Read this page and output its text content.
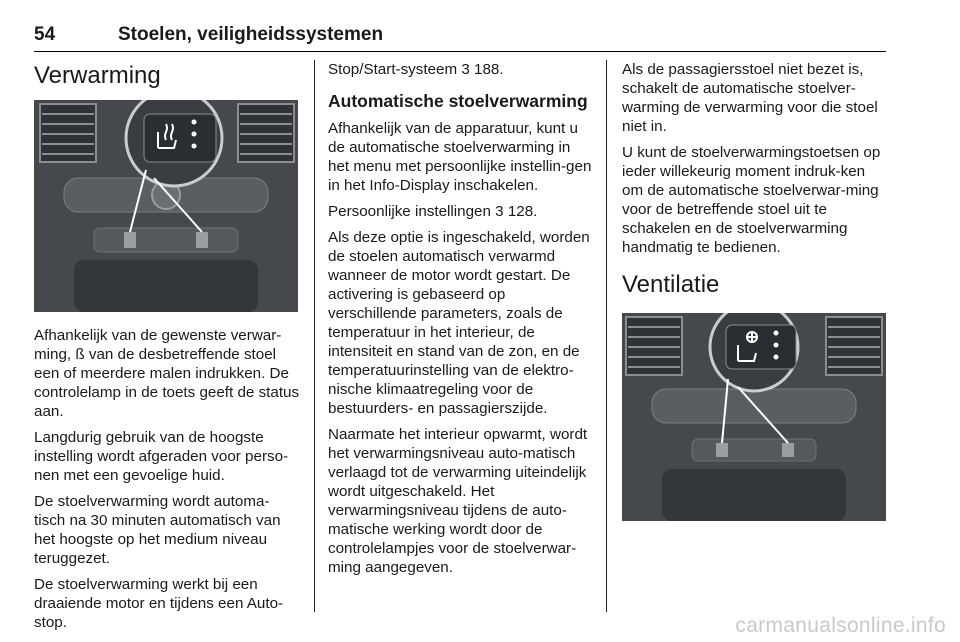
54	Stoelen, veiligheidssystemen
Verwarming

Afhankelijk van de gewenste verwar-ming, ß van de desbetreffende stoel een of meerdere malen indrukken. De controlelamp in de toets geeft de status aan.

Langdurig gebruik van de hoogste instelling wordt afgeraden voor perso-nen met een gevoelige huid.

De stoelverwarming wordt automa-tisch na 30 minuten automatisch van het hoogste op het medium niveau teruggezet.

De stoelverwarming werkt bij een draaiende motor en tijdens een Auto-stop.

Stop/Start-systeem 3 188.

Automatische stoelverwarming

Afhankelijk van de apparatuur, kunt u de automatische stoelverwarming in het menu met persoonlijke instellin-gen in het Info-Display inschakelen.

Persoonlijke instellingen 3 128.

Als deze optie is ingeschakeld, worden de stoelen automatisch verwarmd wanneer de motor wordt gestart. De activering is gebaseerd op verschillende parameters, zoals de temperatuur in het interieur, de intensiteit en stand van de zon, en de temperatuurinstelling van de elektro-nische klimaatregeling voor de bestuurders- en passagierszijde.

Naarmate het interieur opwarmt, wordt het verwarmingsniveau auto-matisch verlaagd tot de verwarming uiteindelijk wordt uitgeschakeld. Het verwarmingsniveau tijdens de auto-matische werking wordt door de controlelampjes voor de stoelverwar-ming aangegeven.

Als de passagiersstoel niet bezet is, schakelt de automatische stoelver-warming de verwarming voor die stoel niet in.

U kunt de stoelverwarmingstoetsen op ieder willekeurig moment indruk-ken om de automatische stoelverwar-ming voor de betreffende stoel uit te schakelen en de stoelverwarming handmatig te bedienen.

Ventilatie
carmanualsonline.info
